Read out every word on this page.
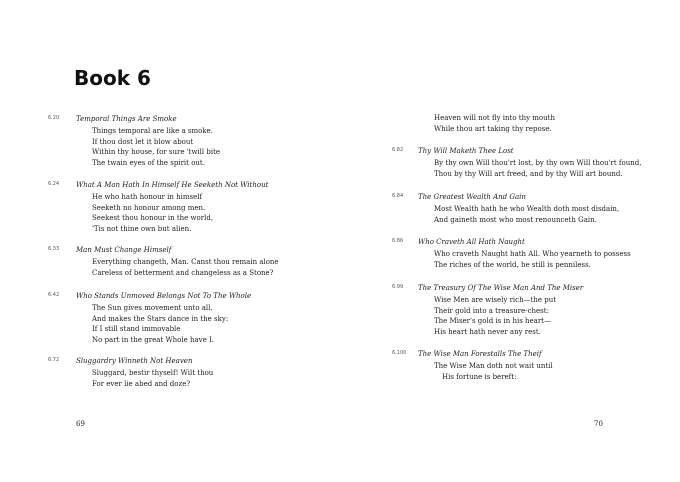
Book 6
6.20 Temporal Things Are Smoke
Things temporal are like a smoke.
If thou dost let it blow about
Within thy house, for sure 'twill bite
The twain eyes of the spirit out.
6.24 What A Man Hath In Himself He Seeketh Not Without
He who hath honour in himself
Seeketh no honour among men.
Seekest thou honour in the world,
'Tis not thine own but alien.
6.33 Man Must Change Himself
Everything changeth, Man. Canst thou remain alone
Careless of betterment and changeless as a Stone?
6.42 Who Stands Unmoved Belongs Not To The Whole
The Sun gives movement unto all,
And makes the Stars dance in the sky:
If I still stand immovable
No part in the great Whole have I.
6.72 Sluggardry Winneth Not Heaven
Sluggard, bestir thyself! Wilt thou
For ever lie abed and doze?
69
Heaven will not fly into thy mouth
While thou art taking thy repose.
6.82 Thy Will Maketh Thee Lost
By thy own Will thou'rt lost, by thy own Will thou'rt found,
Thou by thy Will art freed, and by thy Will art bound.
6.84 The Greatest Wealth And Gain
Most Wealth hath he who Wealth doth most disdain,
And gaineth most who most renounceth Gain.
6.86 Who Craveth All Hath Naught
Who craveth Naught hath All. Who yearneth to possess
The riches of the world, he still is penniless.
6.99 The Treasury Of The Wise Man And The Miser
Wise Men are wisely rich—the put
Their gold into a treasure-chest:
The Miser's gold is in his heart—
His heart hath never any rest.
6.100 The Wise Man Forestalls The Theif
The Wise Man doth not wait until
His fortune is bereft:
70
